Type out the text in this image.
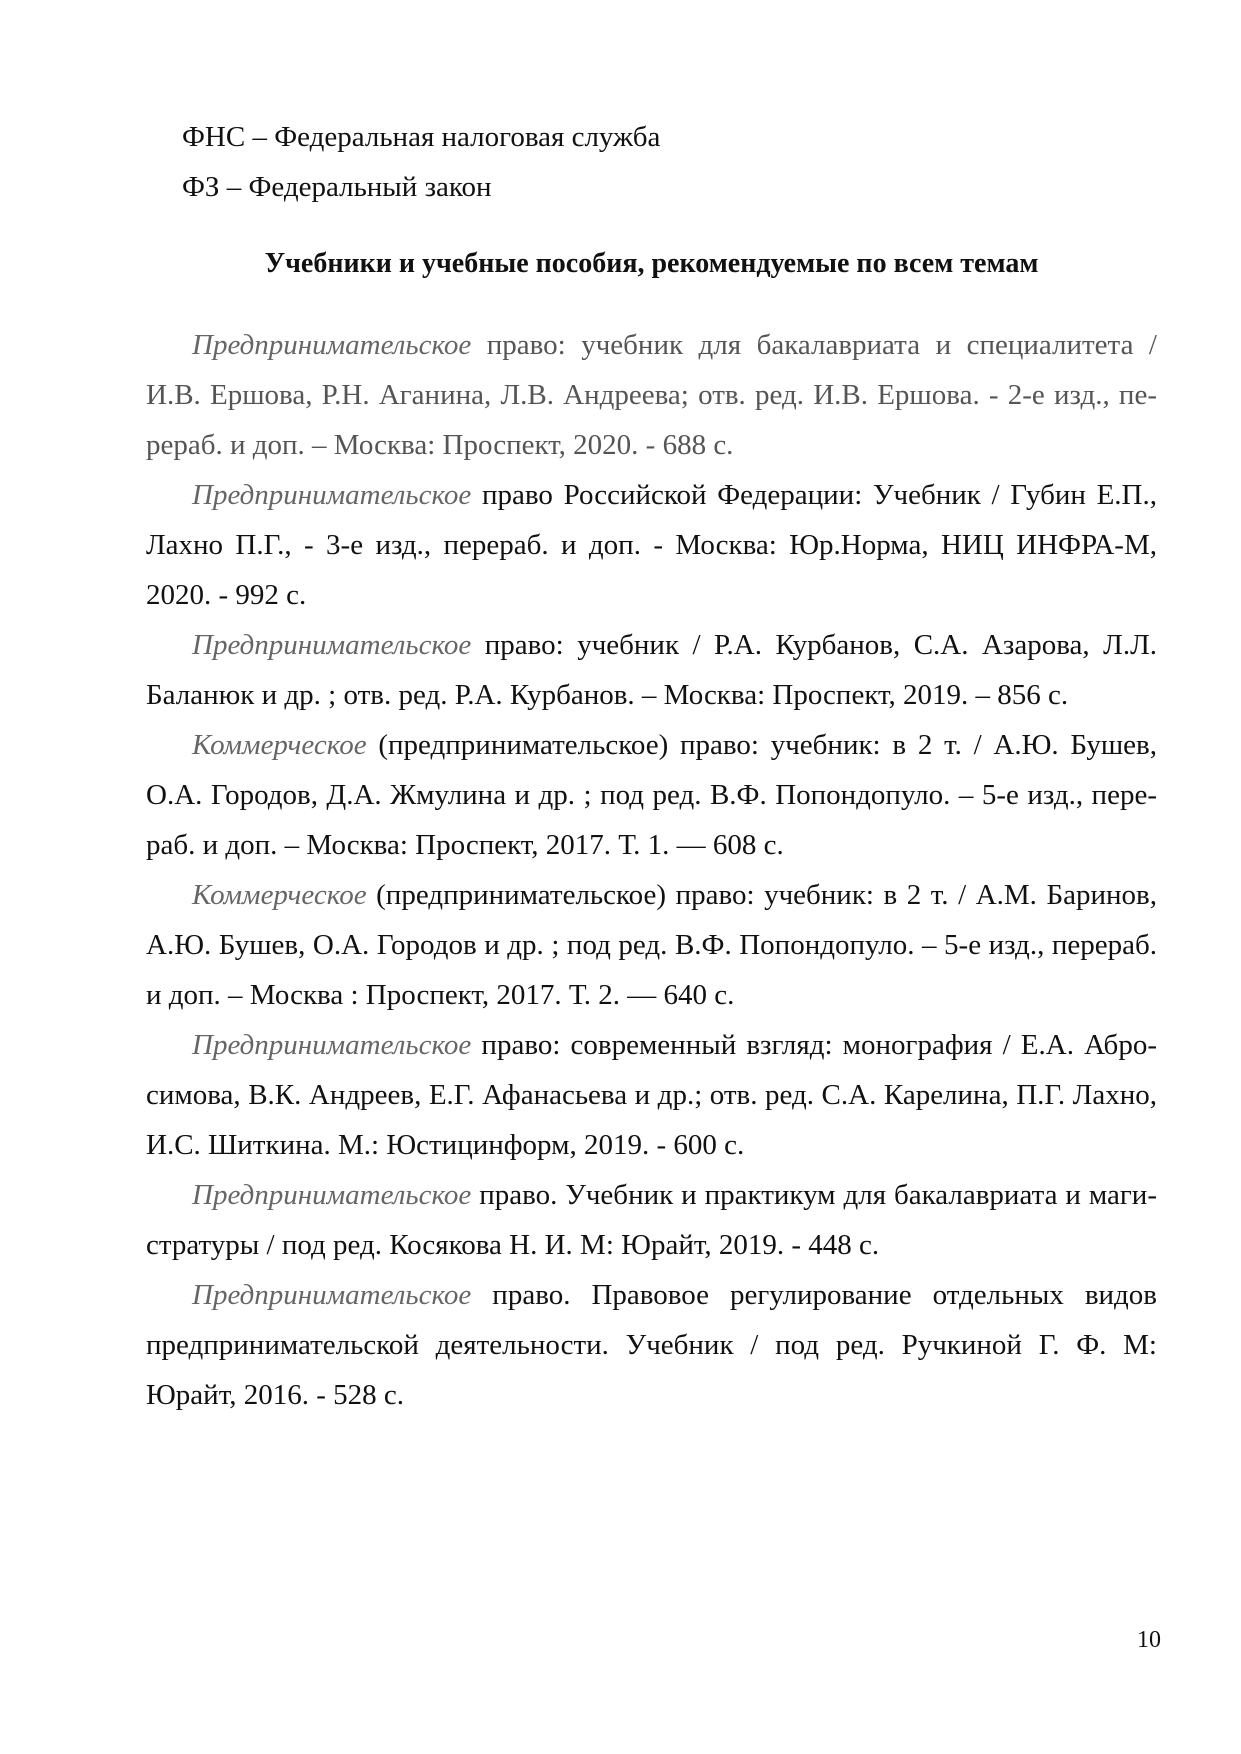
ФНС – Федеральная налоговая служба
ФЗ – Федеральный закон
Учебники и учебные пособия, рекомендуемые по всем темам

Предпринимательское право: учебник для бакалавриата и специалитета / И.В. Ершова, Р.Н. Аганина, Л.В. Андреева; отв. ред. И.В. Ершова. - 2-е изд., перераб. и доп. – Москва: Проспект, 2020. - 688 с.

Предпринимательское право Российской Федерации: Учебник / Губин Е.П., Лахно П.Г., - 3-е изд., перераб. и доп. - Москва: Юр.Норма, НИЦ ИНФРА-М, 2020. - 992 с.

Предпринимательское право: учебник / Р.А. Курбанов, С.А. Азарова, Л.Л. Баланюк и др. ; отв. ред. Р.А. Курбанов. – Москва: Проспект, 2019. – 856 с.

Коммерческое (предпринимательское) право: учебник: в 2 т. / А.Ю. Бушев, О.А. Городов, Д.А. Жмулина и др. ; под ред. В.Ф. Попондопуло. – 5-е изд., перераб. и доп. – Москва: Проспект, 2017. Т. 1. — 608 с.

Коммерческое (предпринимательское) право: учебник: в 2 т. / А.М. Баринов, А.Ю. Бушев, О.А. Городов и др. ; под ред. В.Ф. Попондопуло. – 5-е изд., перераб. и доп. – Москва : Проспект, 2017. Т. 2. — 640 с.

Предпринимательское право: современный взгляд: монография / Е.А. Абросимова, В.К. Андреев, Е.Г. Афанасьева и др.; отв. ред. С.А. Карелина, П.Г. Лахно, И.С. Шиткина. М.: Юстицинформ, 2019. - 600 с.

Предпринимательское право. Учебник и практикум для бакалавриата и магистратуры / под ред. Косякова Н. И. М: Юрайт, 2019. - 448 с.

Предпринимательское право. Правовое регулирование отдельных видов предпринимательской деятельности. Учебник / под ред. Ручкиной Г. Ф. М: Юрайт, 2016. - 528 с.

10
